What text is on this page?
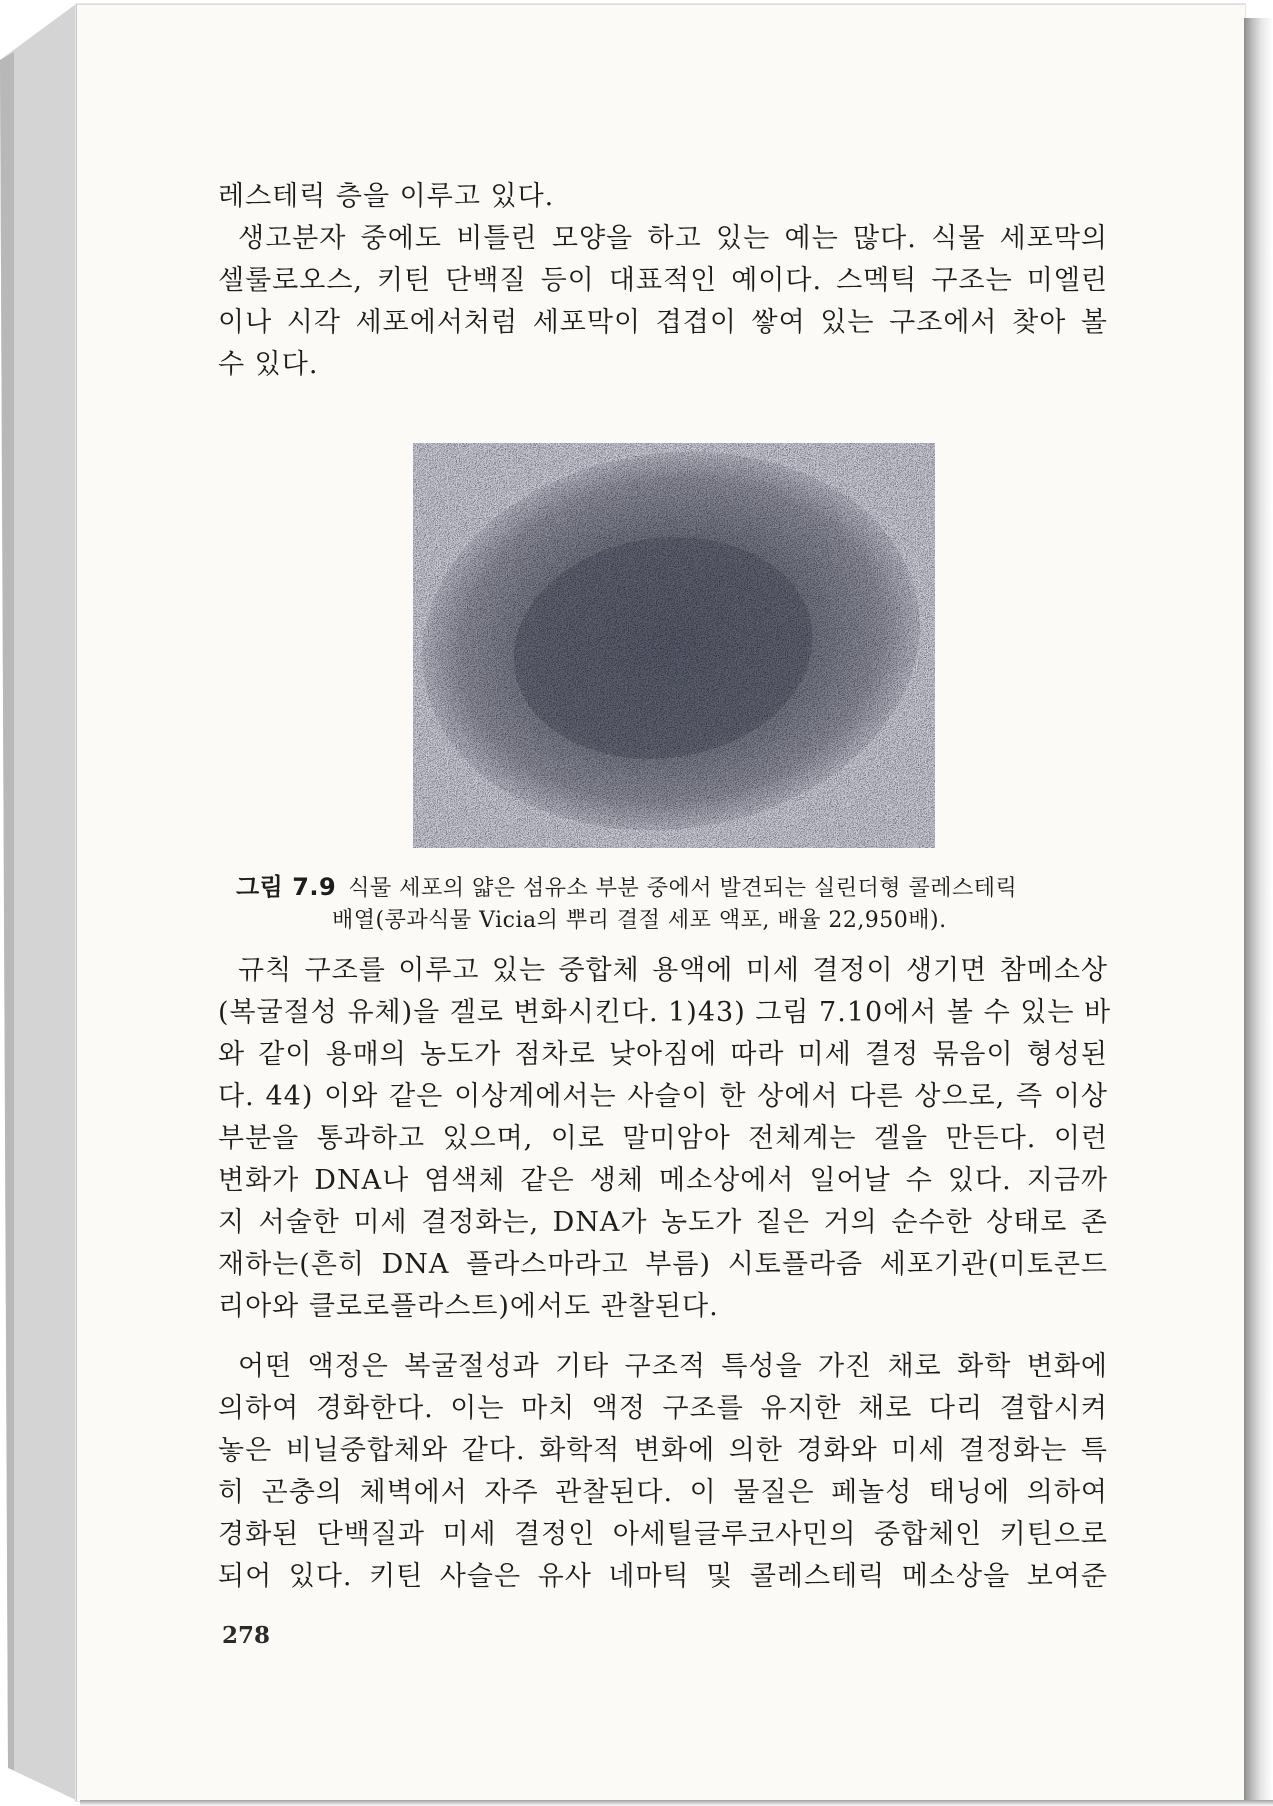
레스테릭 층을 이루고 있다.
생고분자 중에도 비틀린 모양을 하고 있는 예는 많다. 식물 세포막의
셀룰로오스, 키틴 단백질 등이 대표적인 예이다. 스멕틱 구조는 미엘린
이나 시각 세포에서처럼 세포막이 겹겹이 쌓여 있는 구조에서 찾아 볼
수 있다.
그림 7.9 식물 세포의 얇은 섬유소 부분 중에서 발견되는 실린더형 콜레스테릭
배열(콩과식물 Vicia의 뿌리 결절 세포 액포, 배율 22,950배).
규칙 구조를 이루고 있는 중합체 용액에 미세 결정이 생기면 참메소상
(복굴절성 유체)을 겔로 변화시킨다. 1)43) 그림 7.10에서 볼 수 있는 바
와 같이 용매의 농도가 점차로 낮아짐에 따라 미세 결정 묶음이 형성된
다. 44) 이와 같은 이상계에서는 사슬이 한 상에서 다른 상으로, 즉 이상
부분을 통과하고 있으며, 이로 말미암아 전체계는 겔을 만든다. 이런
변화가 DNA나 염색체 같은 생체 메소상에서 일어날 수 있다. 지금까
지 서술한 미세 결정화는, DNA가 농도가 짙은 거의 순수한 상태로 존
재하는(흔히 DNA 플라스마라고 부름) 시토플라즘 세포기관(미토콘드
리아와 클로로플라스트)에서도 관찰된다.
어떤 액정은 복굴절성과 기타 구조적 특성을 가진 채로 화학 변화에
의하여 경화한다. 이는 마치 액정 구조를 유지한 채로 다리 결합시켜
놓은 비닐중합체와 같다. 화학적 변화에 의한 경화와 미세 결정화는 특
히 곤충의 체벽에서 자주 관찰된다. 이 물질은 페놀성 태닝에 의하여
경화된 단백질과 미세 결정인 아세틸글루코사민의 중합체인 키틴으로
되어 있다. 키틴 사슬은 유사 네마틱 및 콜레스테릭 메소상을 보여준
278
